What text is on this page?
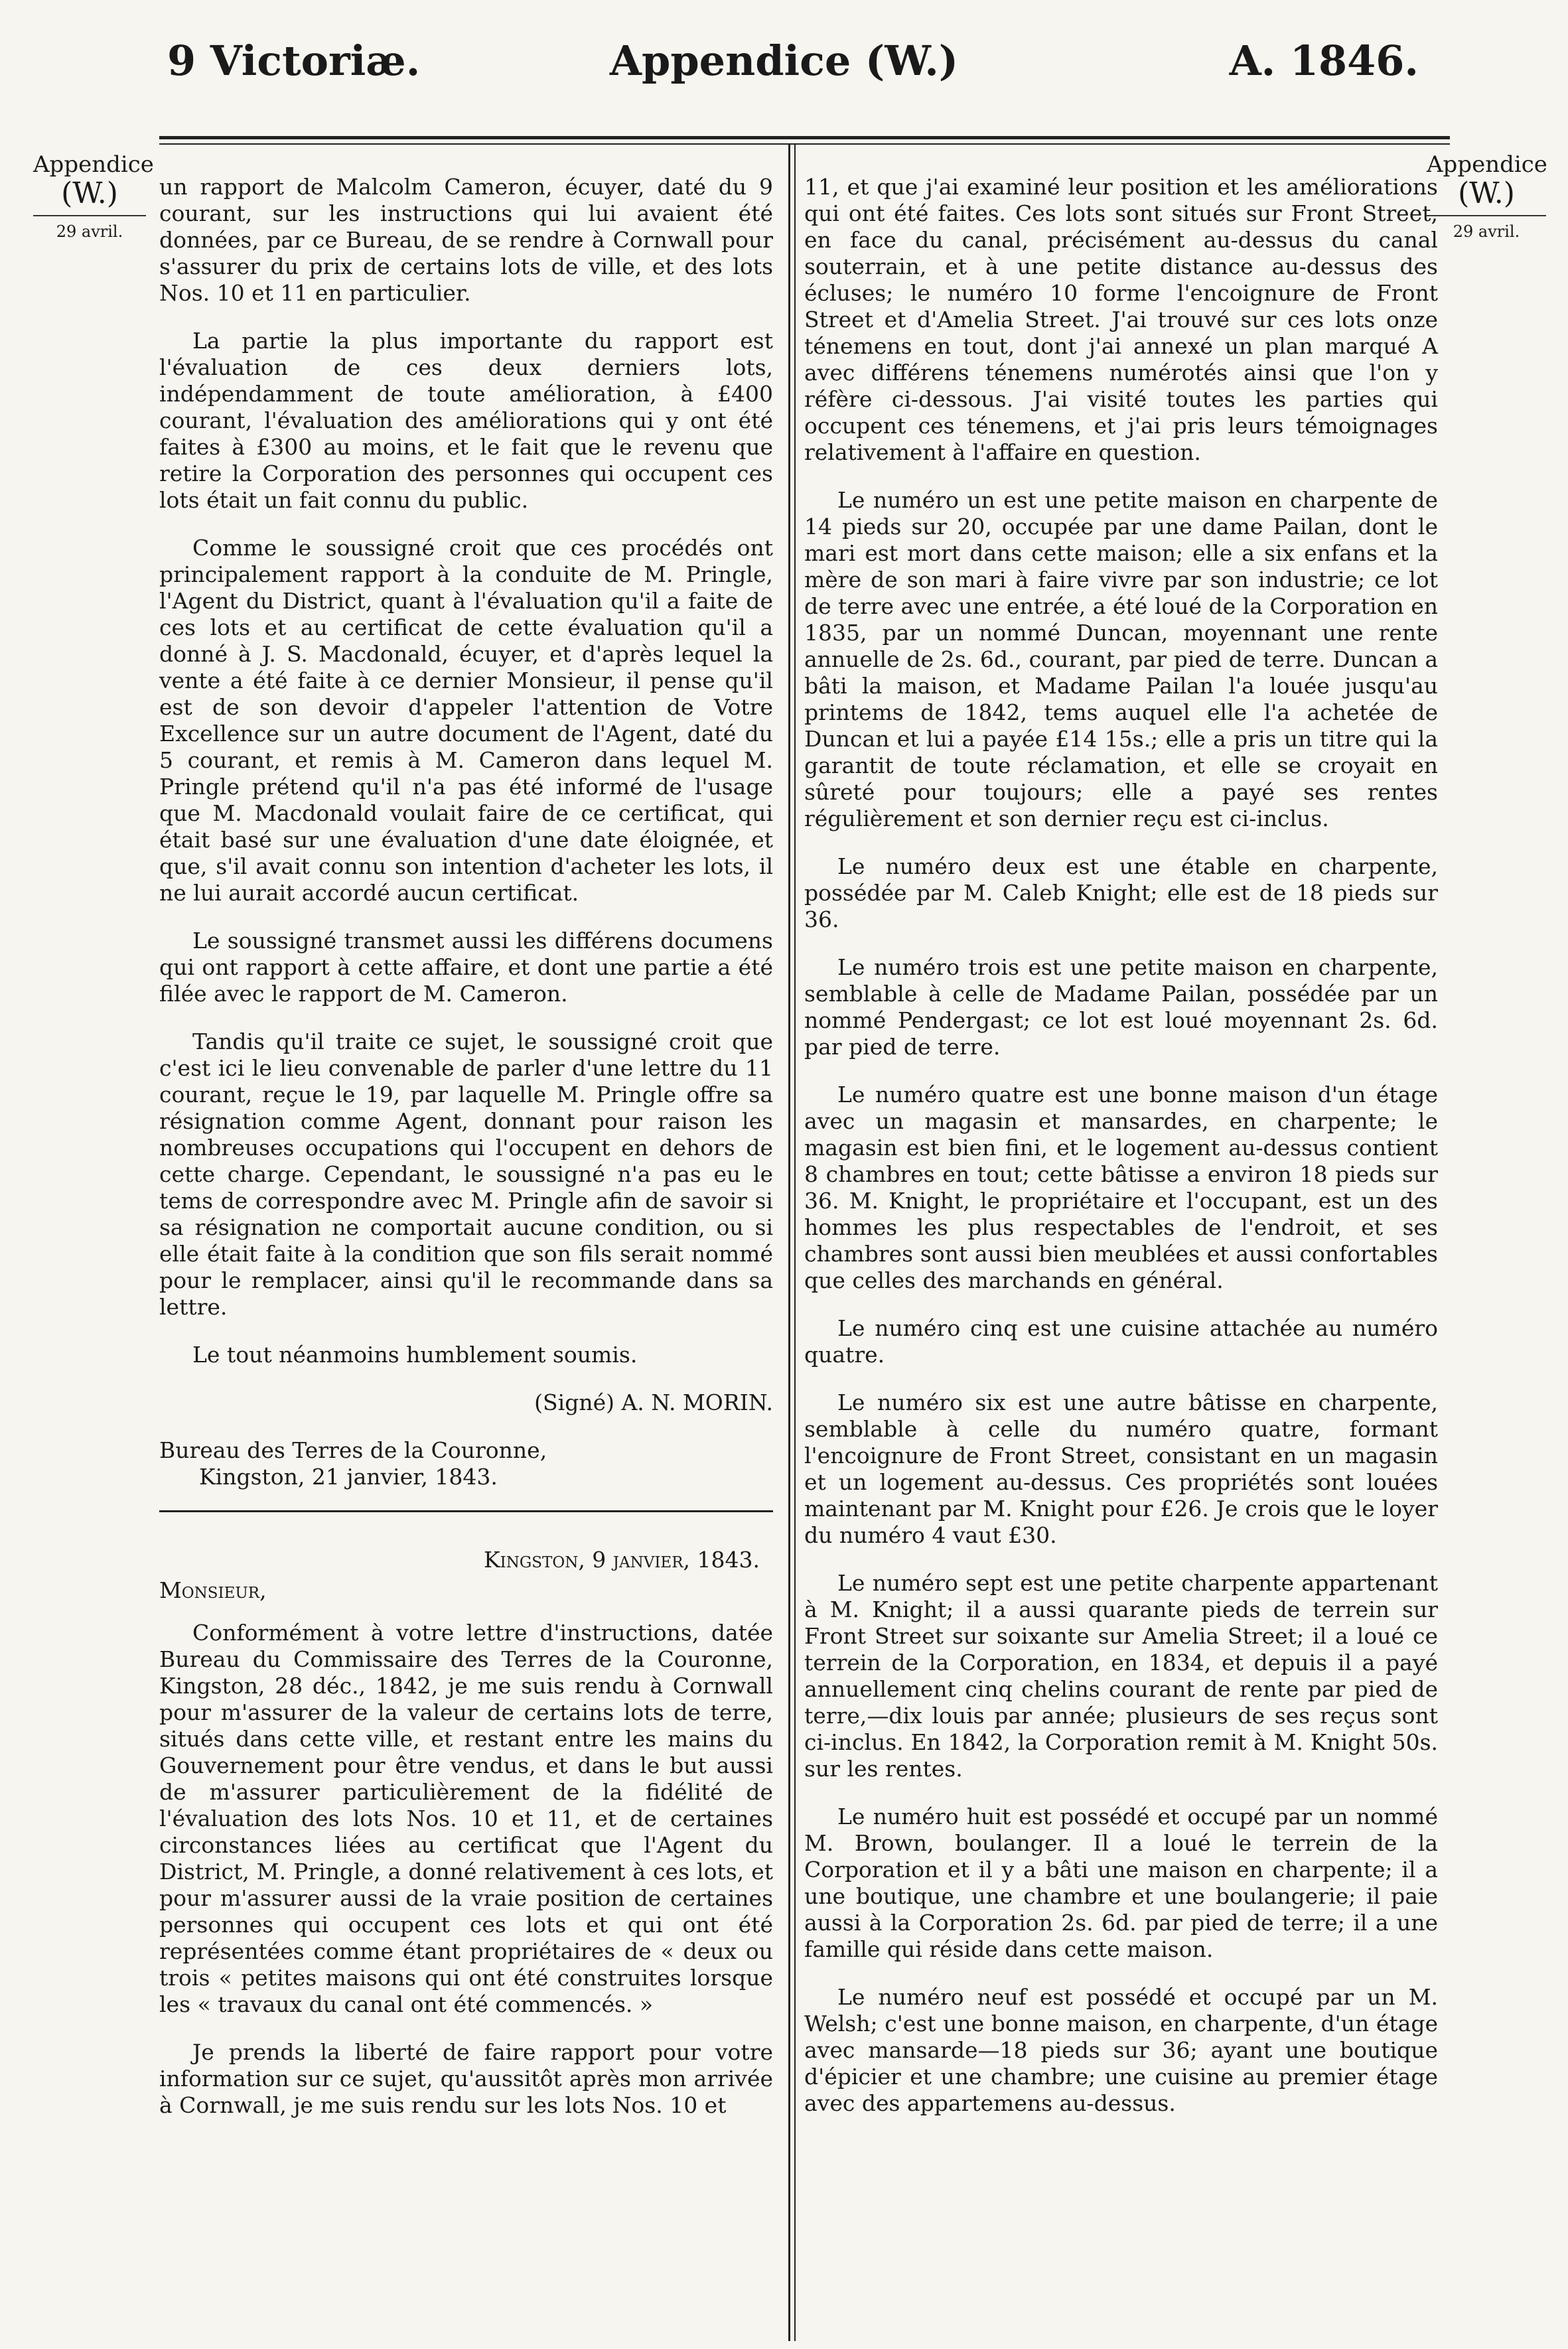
Appendice (W.)
9 Victoriæ.	A. 1846.
Appendice
(W.)
29 avril.
Appendice
(W.)
29 avril.

un rapport de Malcolm Cameron, écuyer, daté du 9 courant, sur les instructions qui lui avaient été données, par ce Bureau, de se rendre à Cornwall pour s'assurer du prix de certains lots de ville, et des lots Nos. 10 et 11 en particulier.

La partie la plus importante du rapport est l'évaluation de ces deux derniers lots, indépendamment de toute amélioration, à £400 courant, l'évaluation des améliorations qui y ont été faites à £300 au moins, et le fait que le revenu que retire la Corporation des personnes qui occupent ces lots était un fait connu du public.

Comme le soussigné croit que ces procédés ont principalement rapport à la conduite de M. Pringle, l'Agent du District, quant à l'évaluation qu'il a faite de ces lots et au certificat de cette évaluation qu'il a donné à J. S. Macdonald, écuyer, et d'après lequel la vente a été faite à ce dernier Monsieur, il pense qu'il est de son devoir d'appeler l'attention de Votre Excellence sur un autre document de l'Agent, daté du 5 courant, et remis à M. Cameron dans lequel M. Pringle prétend qu'il n'a pas été informé de l'usage que M. Macdonald voulait faire de ce certificat, qui était basé sur une évaluation d'une date éloignée, et que, s'il avait connu son intention d'acheter les lots, il ne lui aurait accordé aucun certificat.

Le soussigné transmet aussi les différens documens qui ont rapport à cette affaire, et dont une partie a été filée avec le rapport de M. Cameron.

Tandis qu'il traite ce sujet, le soussigné croit que c'est ici le lieu convenable de parler d'une lettre du 11 courant, reçue le 19, par laquelle M. Pringle offre sa résignation comme Agent, donnant pour raison les nombreuses occupations qui l'occupent en dehors de cette charge. Cependant, le soussigné n'a pas eu le tems de correspondre avec M. Pringle afin de savoir si sa résignation ne comportait aucune condition, ou si elle était faite à la condition que son fils serait nommé pour le remplacer, ainsi qu'il le recommande dans sa lettre.

Le tout néanmoins humblement soumis.

(Signé) A. N. MORIN.
Bureau des Terres de la Couronne,
Kingston, 21 janvier, 1843.
Kingston, 9 janvier, 1843.
Monsieur,

Conformément à votre lettre d'instructions, datée Bureau du Commissaire des Terres de la Couronne, Kingston, 28 déc., 1842, je me suis rendu à Cornwall pour m'assurer de la valeur de certains lots de terre, situés dans cette ville, et restant entre les mains du Gouvernement pour être vendus, et dans le but aussi de m'assurer particulièrement de la fidélité de l'évaluation des lots Nos. 10 et 11, et de certaines circonstances liées au certificat que l'Agent du District, M. Pringle, a donné relativement à ces lots, et pour m'assurer aussi de la vraie position de certaines personnes qui occupent ces lots et qui ont été représentées comme étant propriétaires de « deux ou trois « petites maisons qui ont été construites lorsque les « travaux du canal ont été commencés. »

Je prends la liberté de faire rapport pour votre information sur ce sujet, qu'aussitôt après mon arrivée à Cornwall, je me suis rendu sur les lots Nos. 10 et

11, et que j'ai examiné leur position et les améliorations qui ont été faites. Ces lots sont situés sur Front Street, en face du canal, précisément au-dessus du canal souterrain, et à une petite distance au-dessus des écluses; le numéro 10 forme l'encoignure de Front Street et d'Amelia Street. J'ai trouvé sur ces lots onze ténemens en tout, dont j'ai annexé un plan marqué A avec différens ténemens numérotés ainsi que l'on y réfère ci-dessous. J'ai visité toutes les parties qui occupent ces ténemens, et j'ai pris leurs témoignages relativement à l'affaire en question.

Le numéro un est une petite maison en charpente de 14 pieds sur 20, occupée par une dame Pailan, dont le mari est mort dans cette maison; elle a six enfans et la mère de son mari à faire vivre par son industrie; ce lot de terre avec une entrée, a été loué de la Corporation en 1835, par un nommé Duncan, moyennant une rente annuelle de 2s. 6d., courant, par pied de terre. Duncan a bâti la maison, et Madame Pailan l'a louée jusqu'au printems de 1842, tems auquel elle l'a achetée de Duncan et lui a payée £14 15s.; elle a pris un titre qui la garantit de toute réclamation, et elle se croyait en sûreté pour toujours; elle a payé ses rentes régulièrement et son dernier reçu est ci-inclus.

Le numéro deux est une étable en charpente, possédée par M. Caleb Knight; elle est de 18 pieds sur 36.

Le numéro trois est une petite maison en charpente, semblable à celle de Madame Pailan, possédée par un nommé Pendergast; ce lot est loué moyennant 2s. 6d. par pied de terre.

Le numéro quatre est une bonne maison d'un étage avec un magasin et mansardes, en charpente; le magasin est bien fini, et le logement au-dessus contient 8 chambres en tout; cette bâtisse a environ 18 pieds sur 36. M. Knight, le propriétaire et l'occupant, est un des hommes les plus respectables de l'endroit, et ses chambres sont aussi bien meublées et aussi confortables que celles des marchands en général.

Le numéro cinq est une cuisine attachée au numéro quatre.

Le numéro six est une autre bâtisse en charpente, semblable à celle du numéro quatre, formant l'encoignure de Front Street, consistant en un magasin et un logement au-dessus. Ces propriétés sont louées maintenant par M. Knight pour £26. Je crois que le loyer du numéro 4 vaut £30.

Le numéro sept est une petite charpente appartenant à M. Knight; il a aussi quarante pieds de terrein sur Front Street sur soixante sur Amelia Street; il a loué ce terrein de la Corporation, en 1834, et depuis il a payé annuellement cinq chelins courant de rente par pied de terre,—dix louis par année; plusieurs de ses reçus sont ci-inclus. En 1842, la Corporation remit à M. Knight 50s. sur les rentes.

Le numéro huit est possédé et occupé par un nommé M. Brown, boulanger. Il a loué le terrein de la Corporation et il y a bâti une maison en charpente; il a une boutique, une chambre et une boulangerie; il paie aussi à la Corporation 2s. 6d. par pied de terre; il a une famille qui réside dans cette maison.

Le numéro neuf est possédé et occupé par un M. Welsh; c'est une bonne maison, en charpente, d'un étage avec mansarde—18 pieds sur 36; ayant une boutique d'épicier et une chambre; une cuisine au premier étage avec des appartemens au-dessus.
